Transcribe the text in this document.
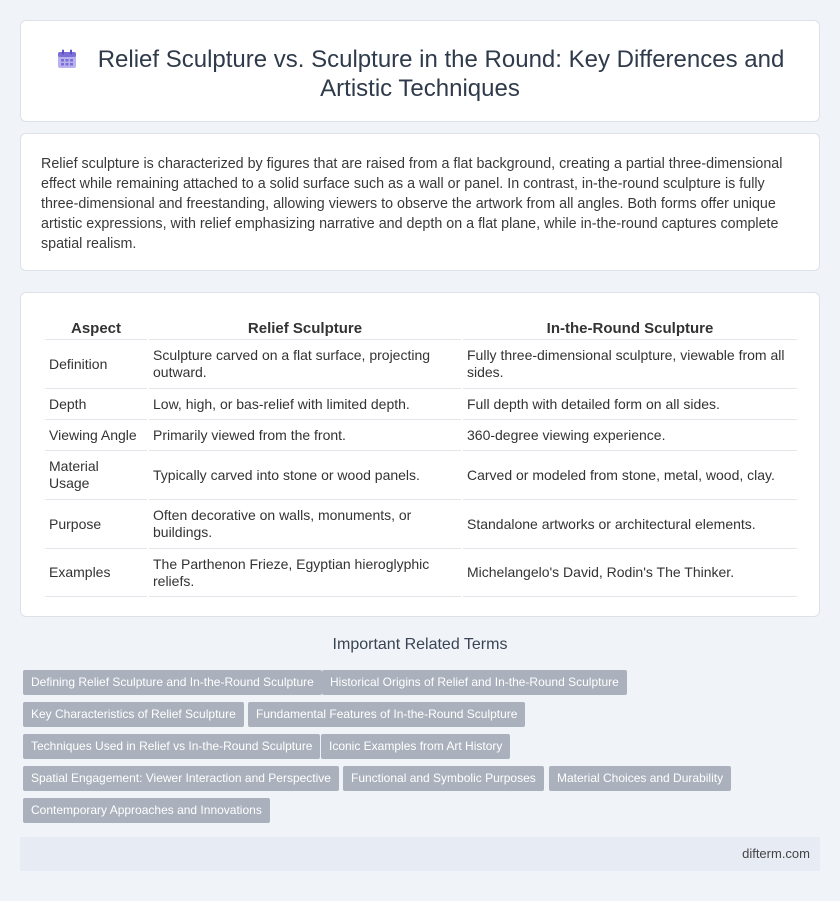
Relief Sculpture vs. Sculpture in the Round: Key Differences and Artistic Techniques

Relief sculpture is characterized by figures that are raised from a flat background, creating a partial three-dimensional effect while remaining attached to a solid surface such as a wall or panel. In contrast, in-the-round sculpture is fully three-dimensional and freestanding, allowing viewers to observe the artwork from all angles. Both forms offer unique artistic expressions, with relief emphasizing narrative and depth on a flat plane, while in-the-round captures complete spatial realism.

Aspect	Relief Sculpture	In-the-Round Sculpture
Definition	Sculpture carved on a flat surface, projecting outward.	Fully three-dimensional sculpture, viewable from all sides.
Depth	Low, high, or bas-relief with limited depth.	Full depth with detailed form on all sides.
Viewing Angle	Primarily viewed from the front.	360-degree viewing experience.
Material Usage	Typically carved into stone or wood panels.	Carved or modeled from stone, metal, wood, clay.
Purpose	Often decorative on walls, monuments, or buildings.	Standalone artworks or architectural elements.
Examples	The Parthenon Frieze, Egyptian hieroglyphic reliefs.	Michelangelo's David, Rodin's The Thinker.
Important Related Terms
Defining Relief Sculpture and In-the-Round Sculpture	Historical Origins of Relief and In-the-Round Sculpture
Key Characteristics of Relief Sculpture	Fundamental Features of In-the-Round Sculpture
Techniques Used in Relief vs In-the-Round Sculpture	Iconic Examples from Art History
Spatial Engagement: Viewer Interaction and Perspective	Functional and Symbolic Purposes	Material Choices and Durability
Contemporary Approaches and Innovations
difterm.com
